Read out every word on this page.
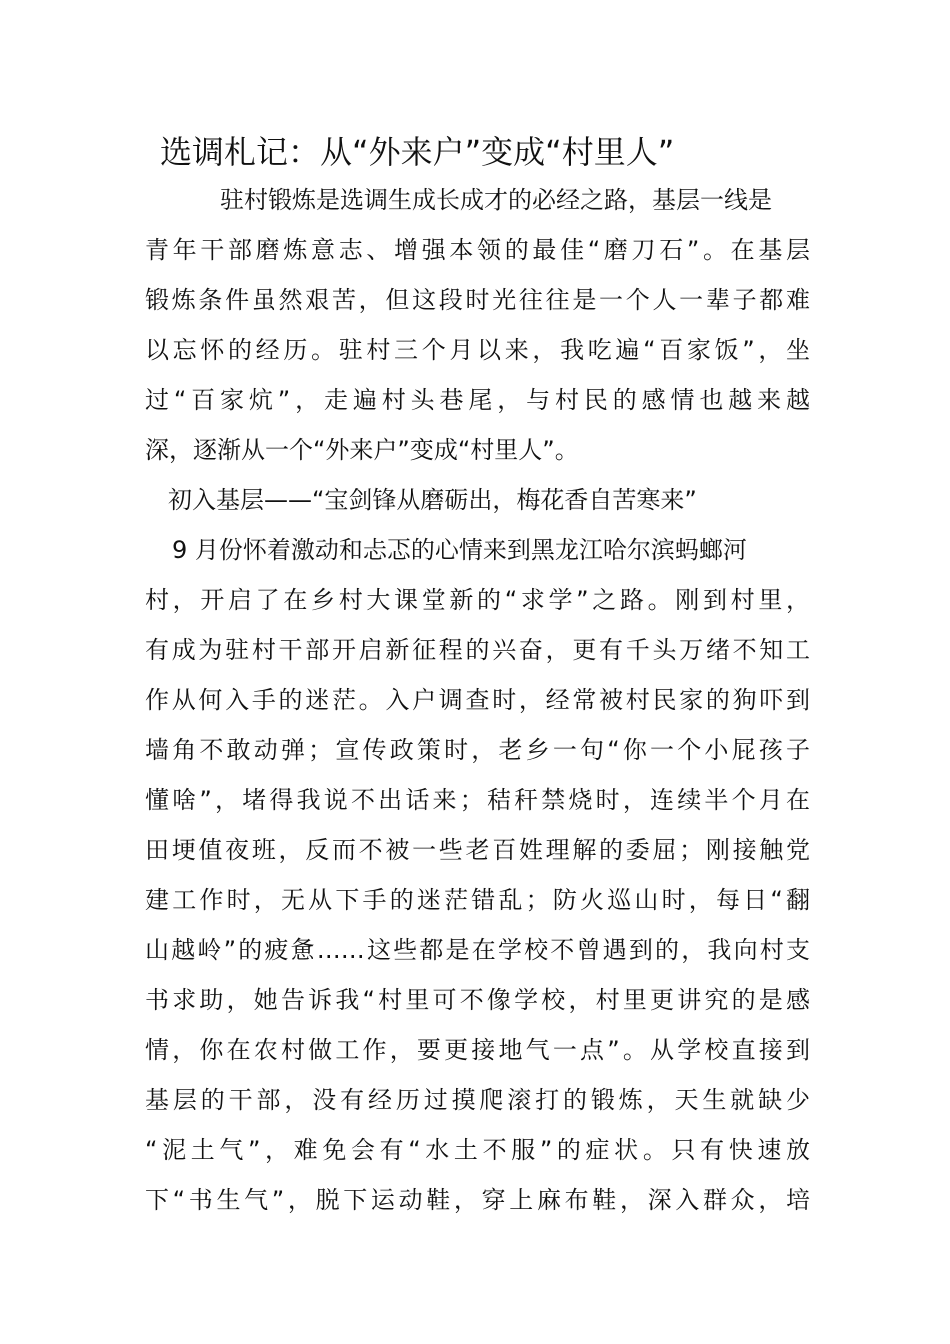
选调札记：从“外来户”变成“村里人”

驻村锻炼是选调生成长成才的必经之路，基层一线是

青年干部磨炼意志、增强本领的最佳“磨刀石”。在基层

锻炼条件虽然艰苦，但这段时光往往是一个人一辈子都难

以忘怀的经历。驻村三个月以来，我吃遍“百家饭”，坐

过“百家炕”，走遍村头巷尾，与村民的感情也越来越

深，逐渐从一个“外来户”变成“村里人”。

初入基层——“宝剑锋从磨砺出，梅花香自苦寒来”

9 月份怀着激动和忐忑的心情来到黑龙江哈尔滨蚂螂河

村，开启了在乡村大课堂新的“求学”之路。刚到村里，

有成为驻村干部开启新征程的兴奋，更有千头万绪不知工

作从何入手的迷茫。入户调查时，经常被村民家的狗吓到

墙角不敢动弹；宣传政策时，老乡一句“你一个小屁孩子

懂啥”，堵得我说不出话来；秸秆禁烧时，连续半个月在

田埂值夜班，反而不被一些老百姓理解的委屈；刚接触党

建工作时，无从下手的迷茫错乱；防火巡山时，每日“翻

山越岭”的疲惫……这些都是在学校不曾遇到的，我向村支

书求助，她告诉我“村里可不像学校，村里更讲究的是感

情，你在农村做工作，要更接地气一点”。从学校直接到

基层的干部，没有经历过摸爬滚打的锻炼，天生就缺少

“泥土气”，难免会有“水土不服”的症状。只有快速放

下“书生气”，脱下运动鞋，穿上麻布鞋，深入群众，培
